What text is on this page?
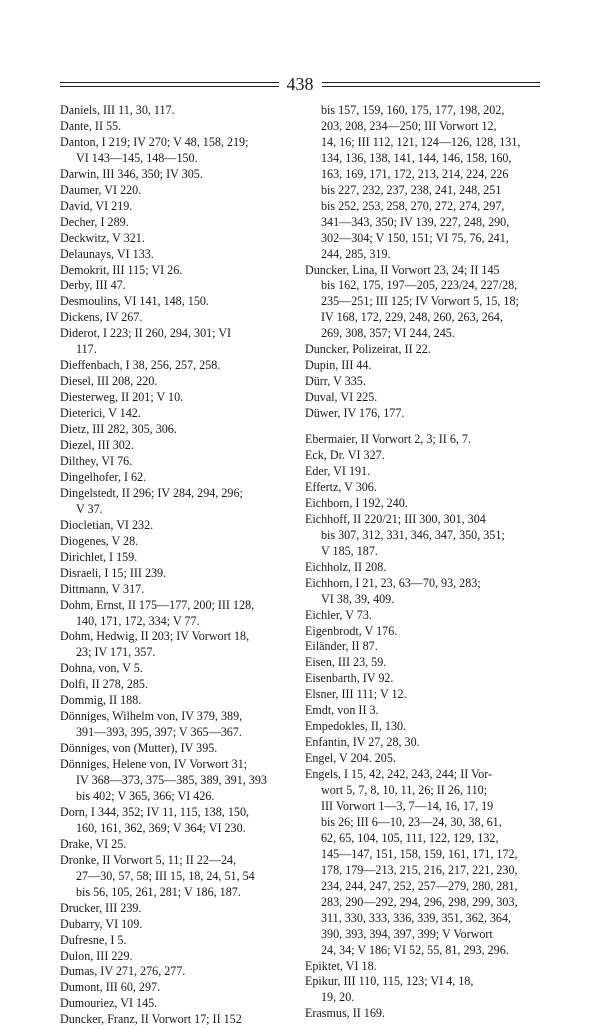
438
Daniels, III 11, 30, 117.
Dante, II 55.
Danton, I 219; IV 270; V 48, 158, 219;
VI 143—145, 148—150.
Darwin, III 346, 350; IV 305.
Daumer, VI 220.
David, VI 219.
Decher, I 289.
Deckwitz, V 321.
Delaunays, VI 133.
Demokrit, III 115; VI 26.
Derby, III 47.
Desmoulins, VI 141, 148, 150.
Dickens, IV 267.
Diderot, I 223; II 260, 294, 301; VI
117.
Dieffenbach, I 38, 256, 257, 258.
Diesel, III 208, 220.
Diesterweg, II 201; V 10.
Dieterici, V 142.
Dietz, III 282, 305, 306.
Diezel, III 302.
Dilthey, VI 76.
Dingelhofer, I 62.
Dingelstedt, II 296; IV 284, 294, 296;
V 37.
Diocletian, VI 232.
Diogenes, V 28.
Dirichlet, I 159.
Disraeli, I 15; III 239.
Dittmann, V 317.
Dohm, Ernst, II 175—177, 200; III 128,
140, 171, 172, 334; V 77.
Dohm, Hedwig, II 203; IV Vorwort 18,
23; IV 171, 357.
Dohna, von, V 5.
Dolfi, II 278, 285.
Dommig, II 188.
Dönniges, Wilhelm von, IV 379, 389,
391—393, 395, 397; V 365—367.
Dönniges, von (Mutter), IV 395.
Dönniges, Helene von, IV Vorwort 31;
IV 368—373, 375—385, 389, 391, 393
bis 402; V 365, 366; VI 426.
Dorn, I 344, 352; IV 11, 115, 138, 150,
160, 161, 362, 369; V 364; VI 230.
Drake, VI 25.
Dronke, II Vorwort 5, 11; II 22—24,
27—30, 57, 58; III 15, 18, 24, 51, 54
bis 56, 105, 261, 281; V 186, 187.
Drucker, III 239.
Dubarry, VI 109.
Dufresne, I 5.
Dulon, III 229.
Dumas, IV 271, 276, 277.
Dumont, III 60, 297.
Dumouriez, VI 145.
Duncker, Franz, II Vorwort 17; II 152
bis 157, 159, 160, 175, 177, 198, 202,
203, 208, 234—250; III Vorwort 12,
14, 16; III 112, 121, 124—126, 128, 131,
134, 136, 138, 141, 144, 146, 158, 160,
163, 169, 171, 172, 213, 214, 224, 226
bis 227, 232, 237, 238, 241, 248, 251
bis 252, 253, 258, 270, 272, 274, 297,
341—343, 350; IV 139, 227, 248, 290,
302—304; V 150, 151; VI 75, 76, 241,
244, 285, 319.
Duncker, Lina, II Vorwort 23, 24; II 145
bis 162, 175, 197—205, 223/24, 227/28,
235—251; III 125; IV Vorwort 5, 15, 18;
IV 168, 172, 229, 248, 260, 263, 264,
269, 308, 357; VI 244, 245.
Duncker, Polizeirat, II 22.
Dupin, III 44.
Dürr, V 335.
Duval, VI 225.
Düwer, IV 176, 177.
Ebermaier, II Vorwort 2, 3; II 6, 7.
Eck, Dr. VI 327.
Eder, VI 191.
Effertz, V 306.
Eichborn, I 192, 240.
Eichhoff, II 220/21; III 300, 301, 304
bis 307, 312, 331, 346, 347, 350, 351;
V 185, 187.
Eichholz, II 208.
Eichhorn, I 21, 23, 63—70, 93, 283;
VI 38, 39, 409.
Eichler, V 73.
Eigenbrodt, V 176.
Eiländer, II 87.
Eisen, III 23, 59.
Eisenbarth, IV 92.
Elsner, III 111; V 12.
Emdt, von II 3.
Empedokles, II, 130.
Enfantin, IV 27, 28, 30.
Engel, V 204. 205.
Engels, I 15, 42, 242, 243, 244; II Vor-
wort 5, 7, 8, 10, 11, 26; II 26, 110;
III Vorwort 1—3, 7—14, 16, 17, 19
bis 26; III 6—10, 23—24, 30, 38, 61,
62, 65, 104, 105, 111, 122, 129, 132,
145—147, 151, 158, 159, 161, 171, 172,
178, 179—213, 215, 216, 217, 221, 230,
234, 244, 247, 252, 257—279, 280, 281,
283, 290—292, 294, 296, 298, 299, 303,
311, 330, 333, 336, 339, 351, 362, 364,
390, 393, 394, 397, 399; V Vorwort
24, 34; V 186; VI 52, 55, 81, 293, 296.
Epiktet, VI 18.
Epikur, III 110, 115, 123; VI 4, 18,
19, 20.
Erasmus, II 169.
